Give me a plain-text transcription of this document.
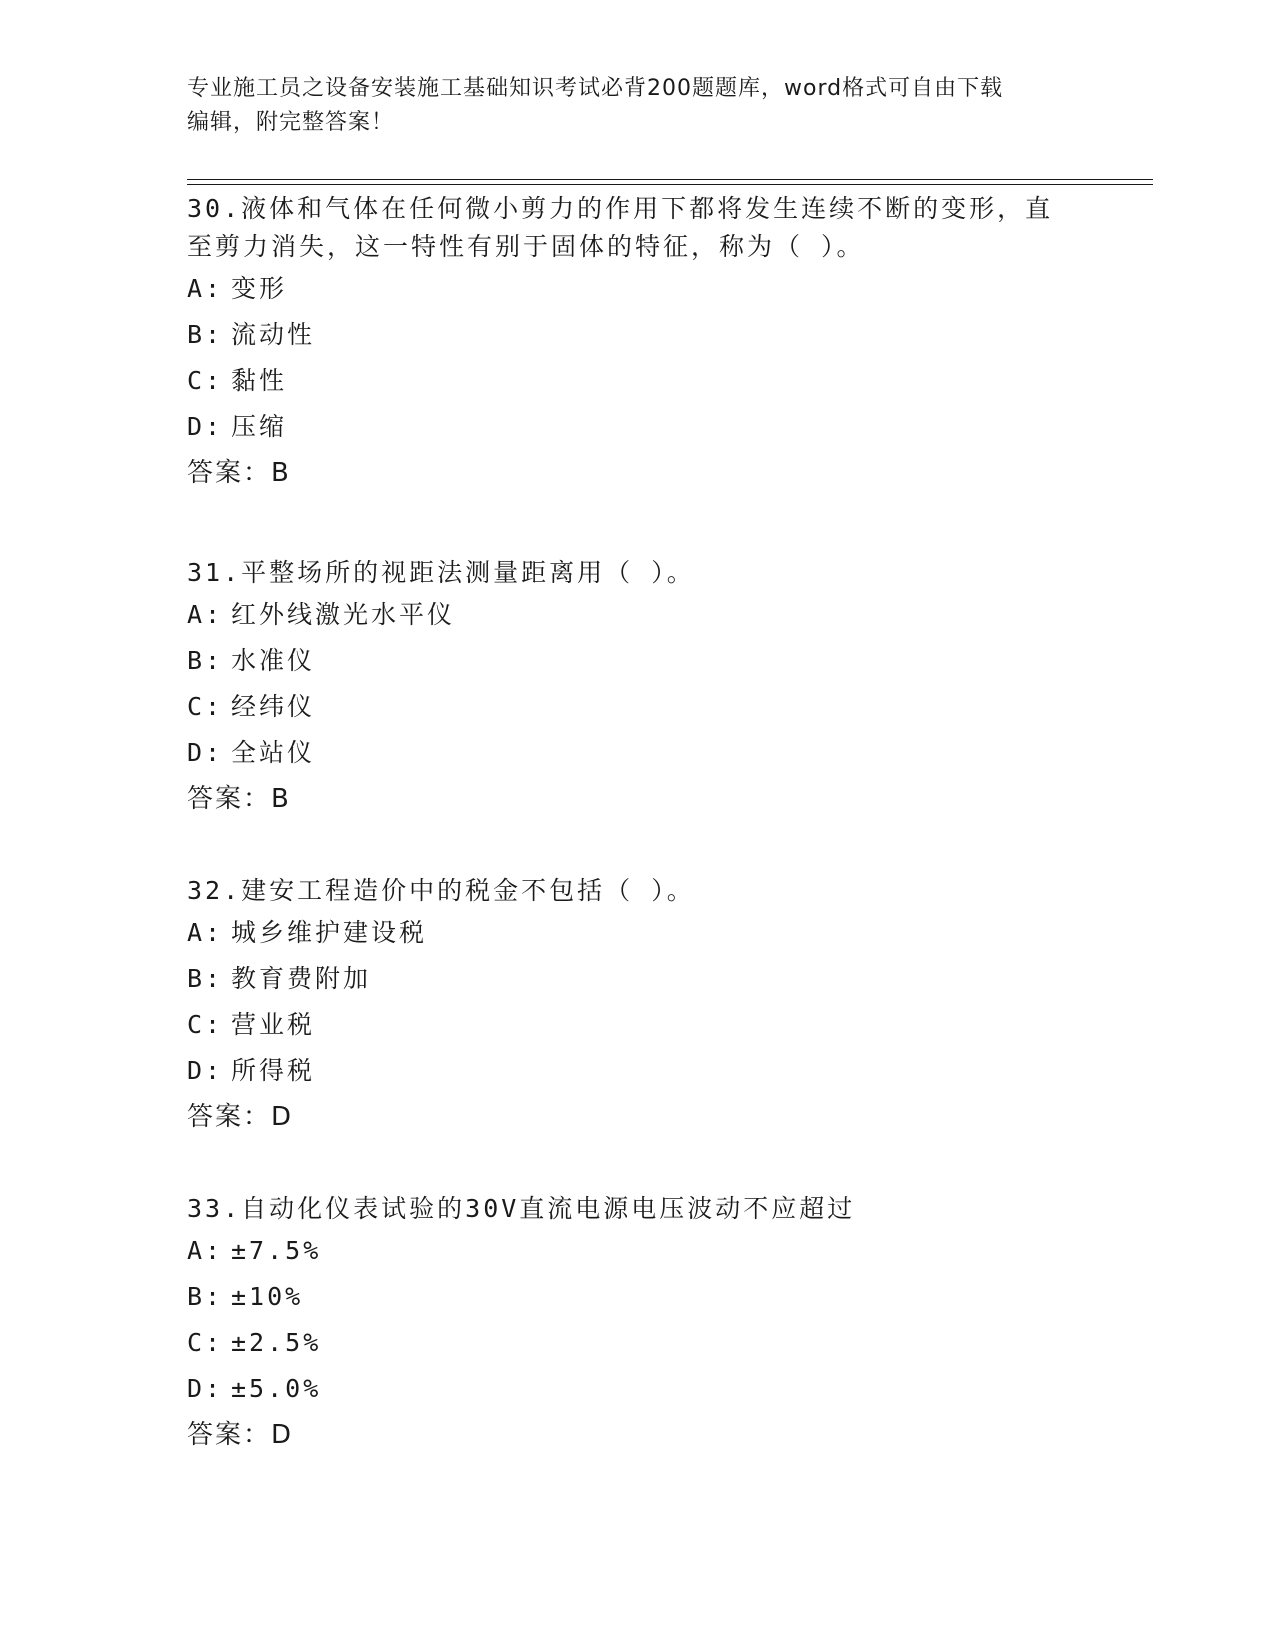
专业施工员之设备安装施工基础知识考试必背200题题库，word格式可自由下载
编辑，附完整答案！
30.液体和气体在任何微小剪力的作用下都将发生连续不断的变形，直
至剪力消失，这一特性有别于固体的特征，称为（ ）。
A: 变形
B: 流动性
C: 黏性
D: 压缩
答案：B
31.平整场所的视距法测量距离用（ ）。
A: 红外线激光水平仪
B: 水准仪
C: 经纬仪
D: 全站仪
答案：B
32.建安工程造价中的税金不包括（ ）。
A: 城乡维护建设税
B: 教育费附加
C: 营业税
D: 所得税
答案：D
33.自动化仪表试验的30V直流电源电压波动不应超过
A: ±7.5%
B: ±10%
C: ±2.5%
D: ±5.0%
答案：D
